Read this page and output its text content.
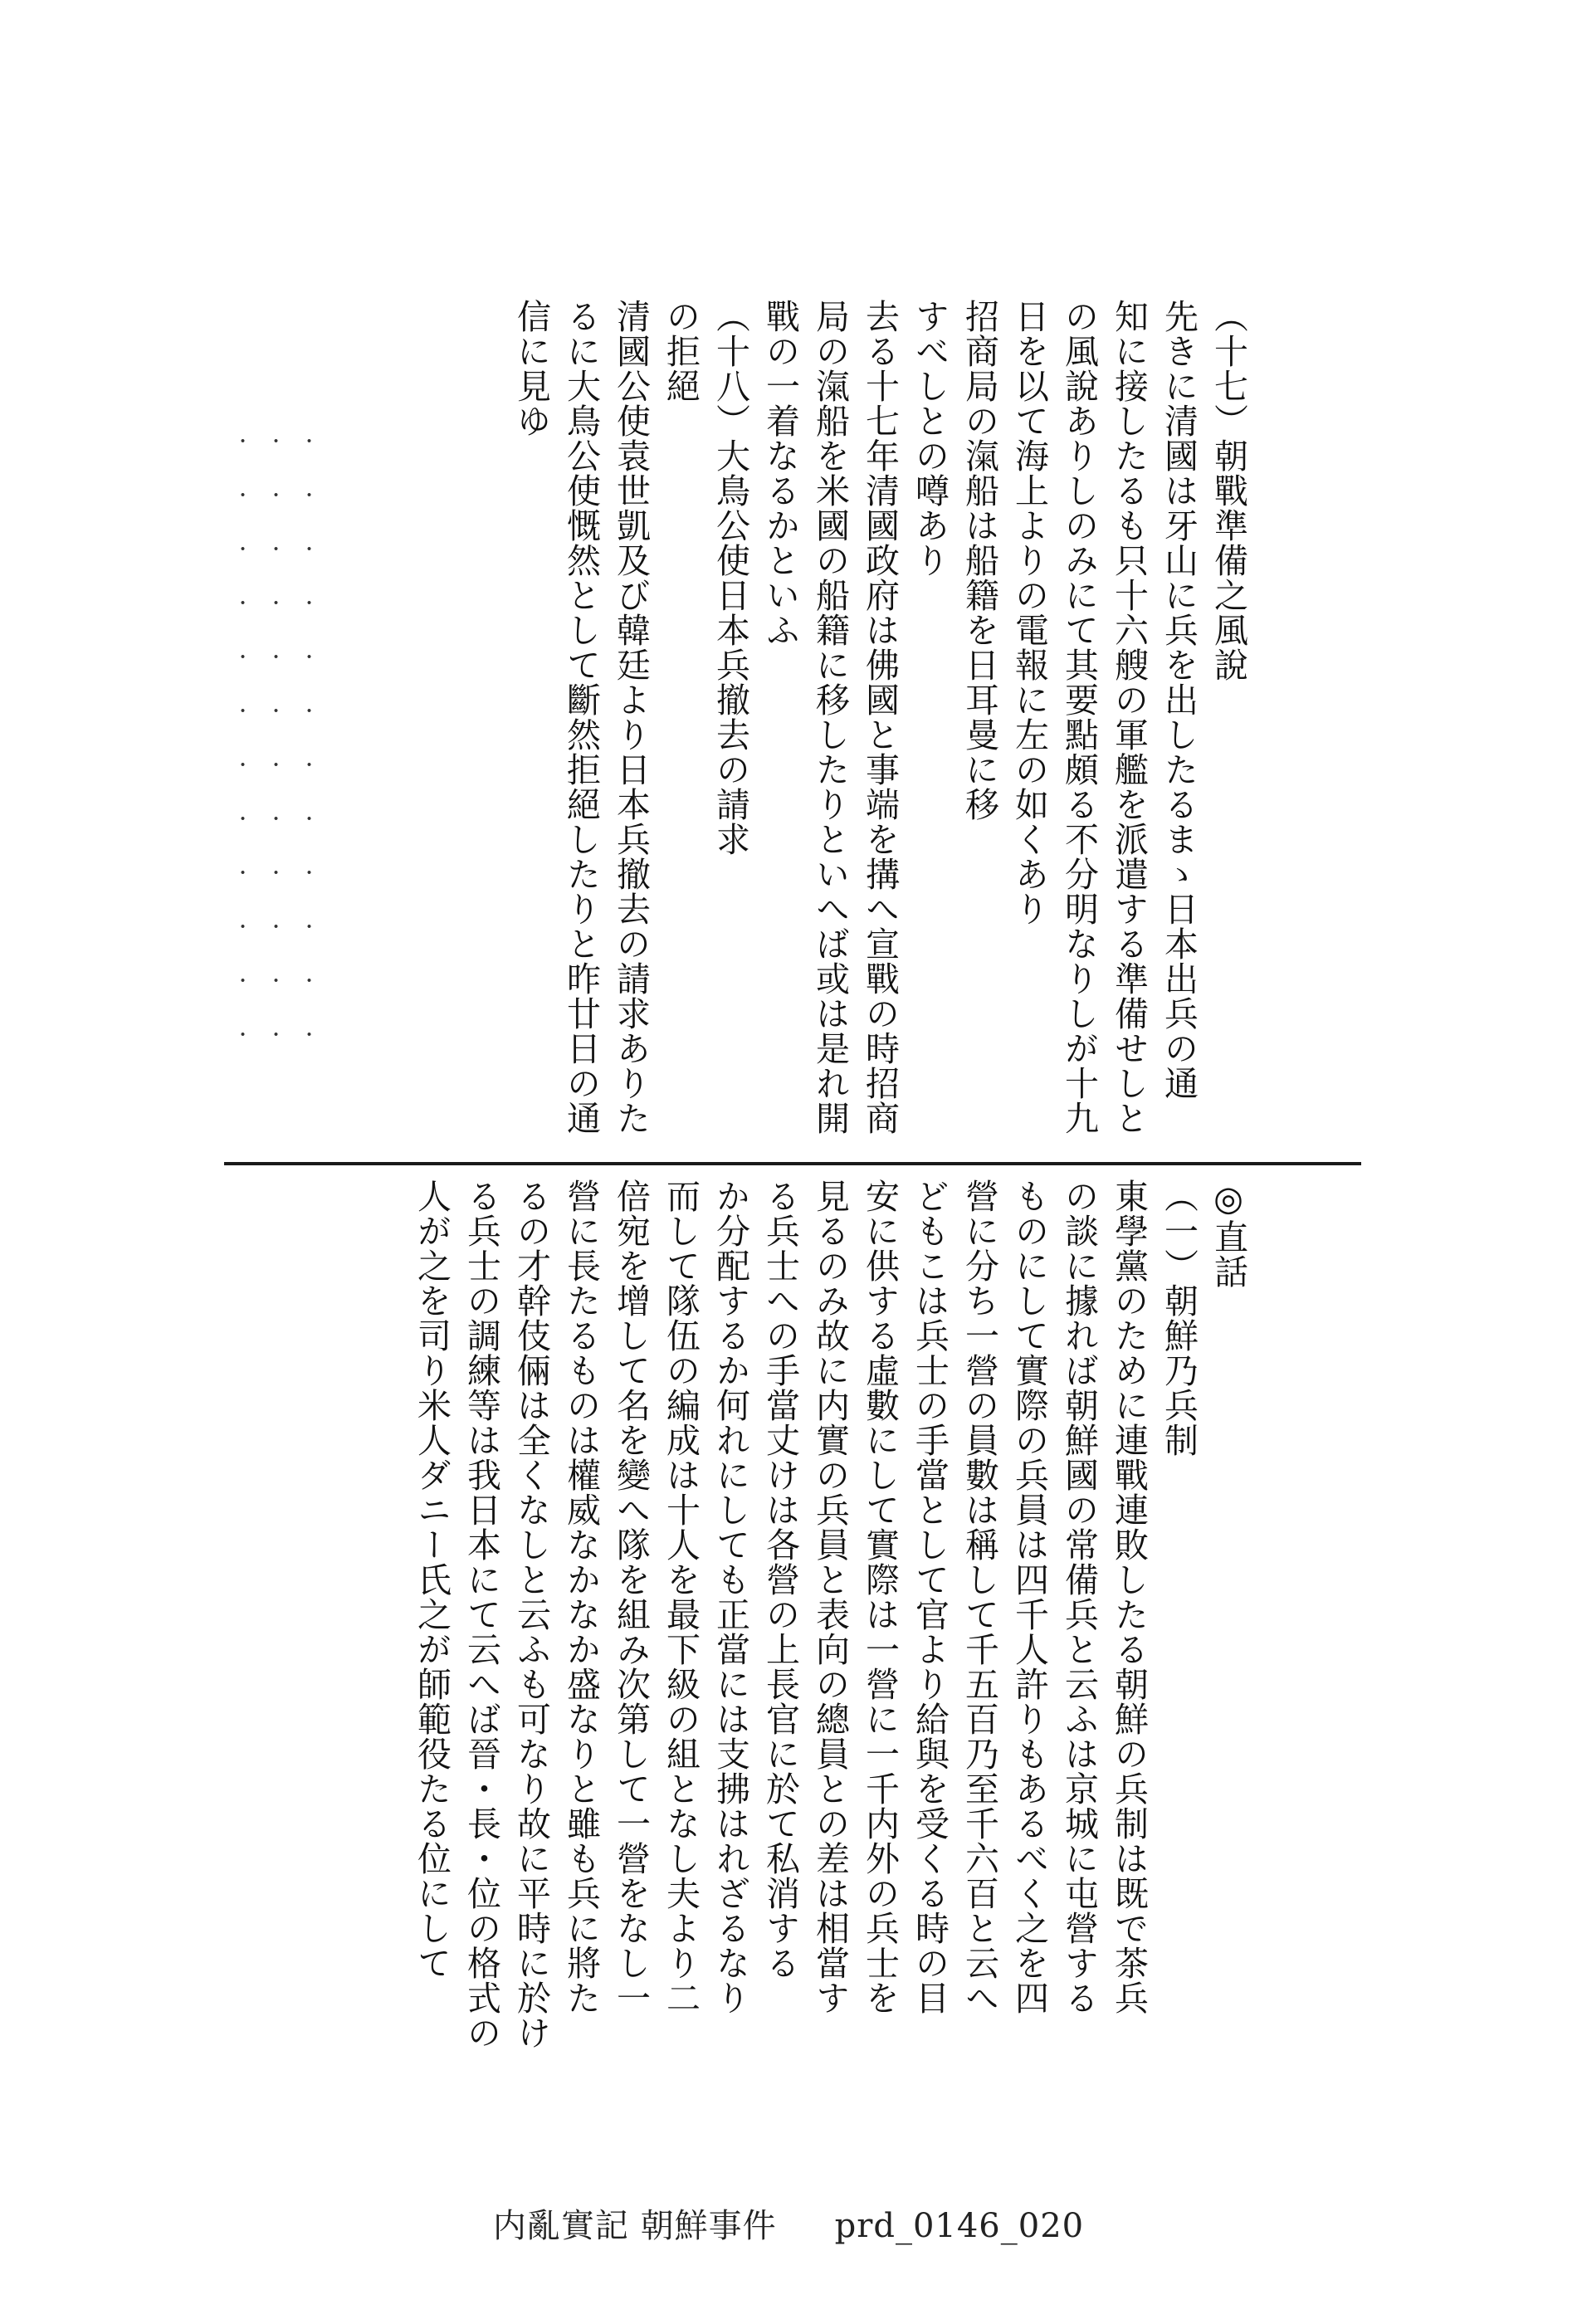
（十七）朝戰準備之風說
先きに清國は牙山に兵を出したるまゝ日本出兵の通
知に接したるも只十六艘の軍艦を派遣する準備せしと
の風說ありしのみにて其要點頗る不分明なりしが十九
日を以て海上よりの電報に左の如くあり
招商局の滊船は船籍を日耳曼に移
すべしとの噂あり
去る十七年清國政府は佛國と事端を搆へ宣戰の時招商
局の滊船を米國の船籍に移したりといへば或は是れ開
戰の一着なるかといふ
（十八）大鳥公使日本兵撤去の請求
の拒絕
清國公使袁世凱及び韓廷より日本兵撤去の請求ありた
るに大鳥公使慨然として斷然拒絕したりと昨廿日の通
信に見ゆ
・ ・ ・ ・ ・ ・ ・ ・ ・ ・ ・ ・ ・ ・ ・ ・ ・ ・ ・ ・ ・ ・ ・ ・ ・ ・ ・ ・ ・ ・ ・ ・ ・ ・ ・ ・
◎直話
（一）朝鮮乃兵制
東學黨のために連戰連敗したる朝鮮の兵制は既で茶兵
の談に據れば朝鮮國の常備兵と云ふは京城に屯營する
ものにして實際の兵員は四千人許りもあるべく之を四
營に分ち一營の員數は稱して千五百乃至千六百と云へ
どもこは兵士の手當として官より給與を受くる時の目
安に供する虛數にして實際は一營に一千内外の兵士を
見るのみ故に内實の兵員と表向の總員との差は相當す
る兵士への手當丈けは各營の上長官に於て私消する
か分配するか何れにしても正當には支拂はれざるなり
而して隊伍の編成は十人を最下級の組となし夫より二
倍宛を增して名を變へ隊を組み次第して一營をなし一
營に長たるものは權威なかなか盛なりと雖も兵に將た
るの才幹伎倆は全くなしと云ふも可なり故に平時に於け
る兵士の調練等は我日本にて云へば晉・長・位の格式の
人が之を司り米人ダニー氏之が師範役たる位にして
内亂實記 朝鮮事件 prd_0146_020
